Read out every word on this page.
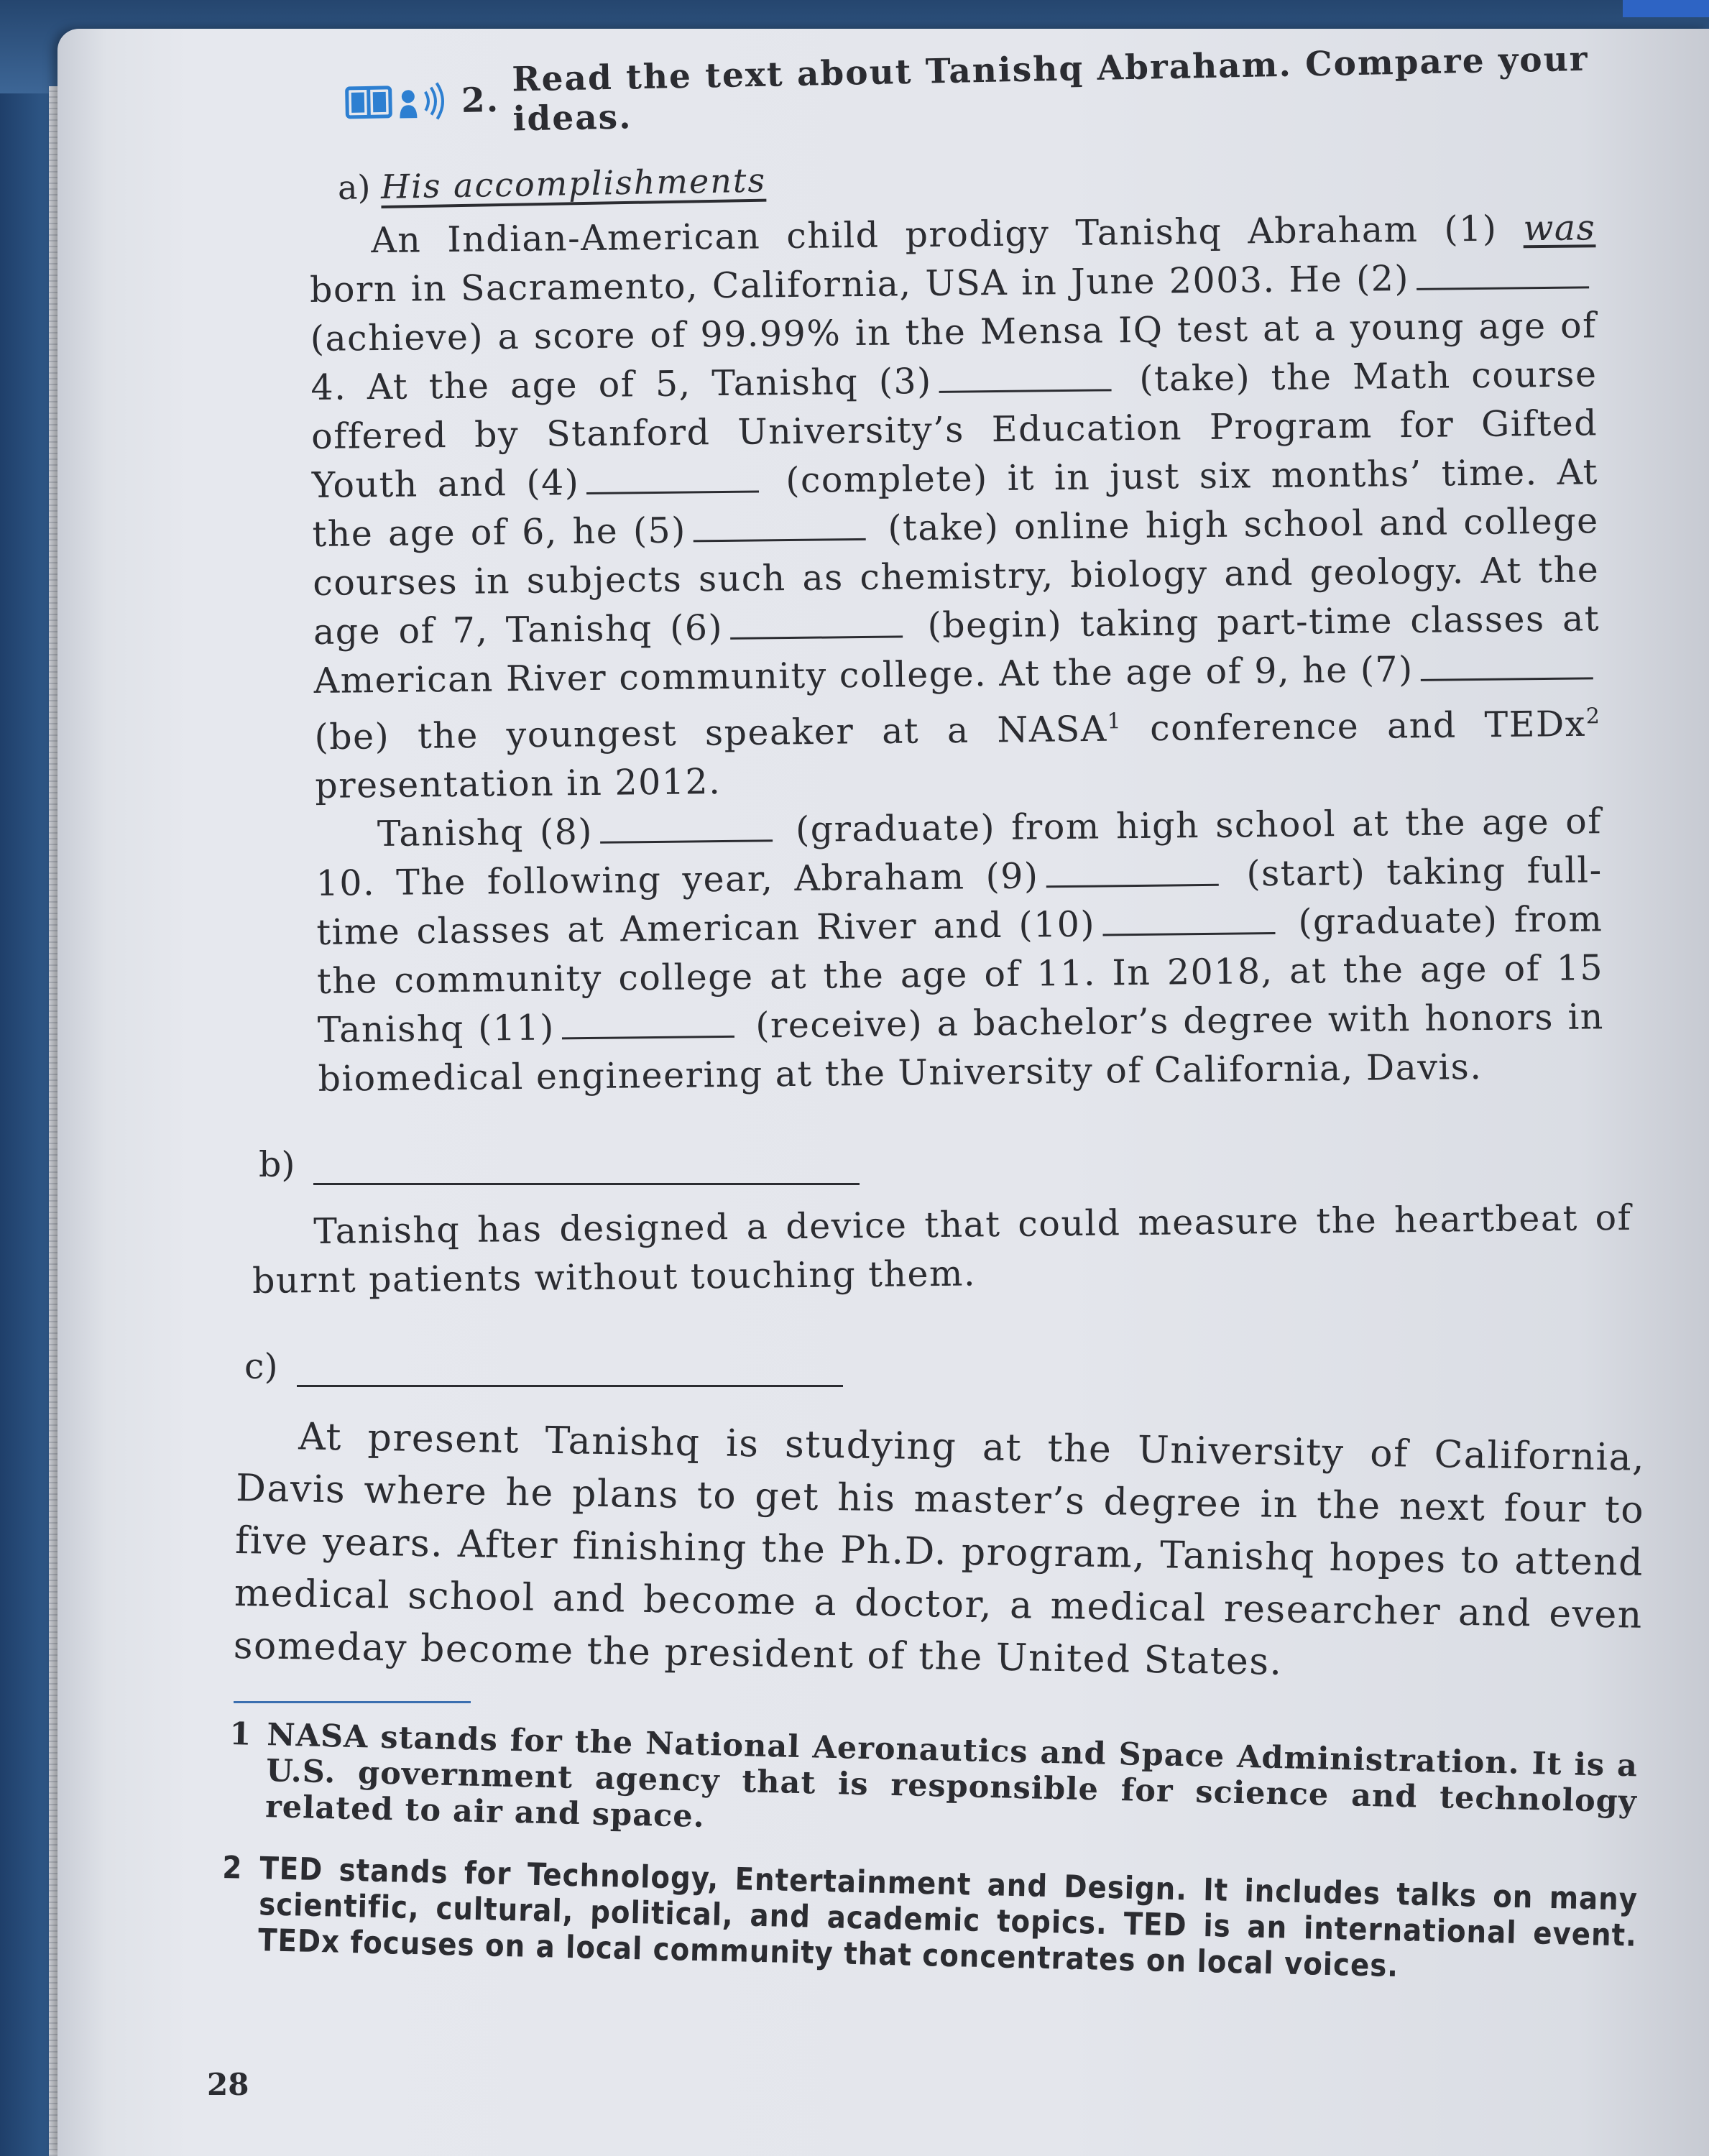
2.
Read the text about Tanishq Abraham. Compare your ideas.
a) His accomplishments

An Indian-American child prodigy Tanishq Abraham (1) was born in Sacramento, California, USA in June 2003. He (2) (achieve) a score of 99.99% in the Mensa IQ test at a young age of 4. At the age of 5, Tanishq (3)	(take) the Math course offered by Stanford University’s Education Program for Gifted Youth and (4)	(complete) it in just six months’ time. At the age of 6, he (5)	(take) online high school and college courses in subjects such as chemistry, biology and geology. At the age of 7, Tanishq (6)	(begin) taking part-time classes at American River community college. At the age of 9, he (7) (be) the youngest speaker at a NASA$^1$ conference and TEDx$^2$ presentation in 2012.

Tanishq (8)	(graduate) from high school at the age of 10. The following year, Abraham (9)	(start) taking full-time classes at American River and (10)	(graduate) from the community college at the age of 11. In 2018, at the age of 15 Tanishq (11)	(receive) a bachelor’s degree with honors in biomedical engineering at the University of California, Davis.

b)

Tanishq has designed a device that could measure the heartbeat of burnt patients without touching them.

c)

At present Tanishq is studying at the University of California, Davis where he plans to get his master’s degree in the next four to five years. After finishing the Ph.D. program, Tanishq hopes to attend medical school and become a doctor, a medical researcher and even someday become the president of the United States.

1 NASA stands for the National Aeronautics and Space Administration. It is a U.S. government agency that is responsible for science and technology related to air and space.
2 TED stands for Technology, Entertainment and Design. It includes talks on many scientific, cultural, political, and academic topics. TED is an international event. TEDx focuses on a local community that concentrates on local voices.
28
